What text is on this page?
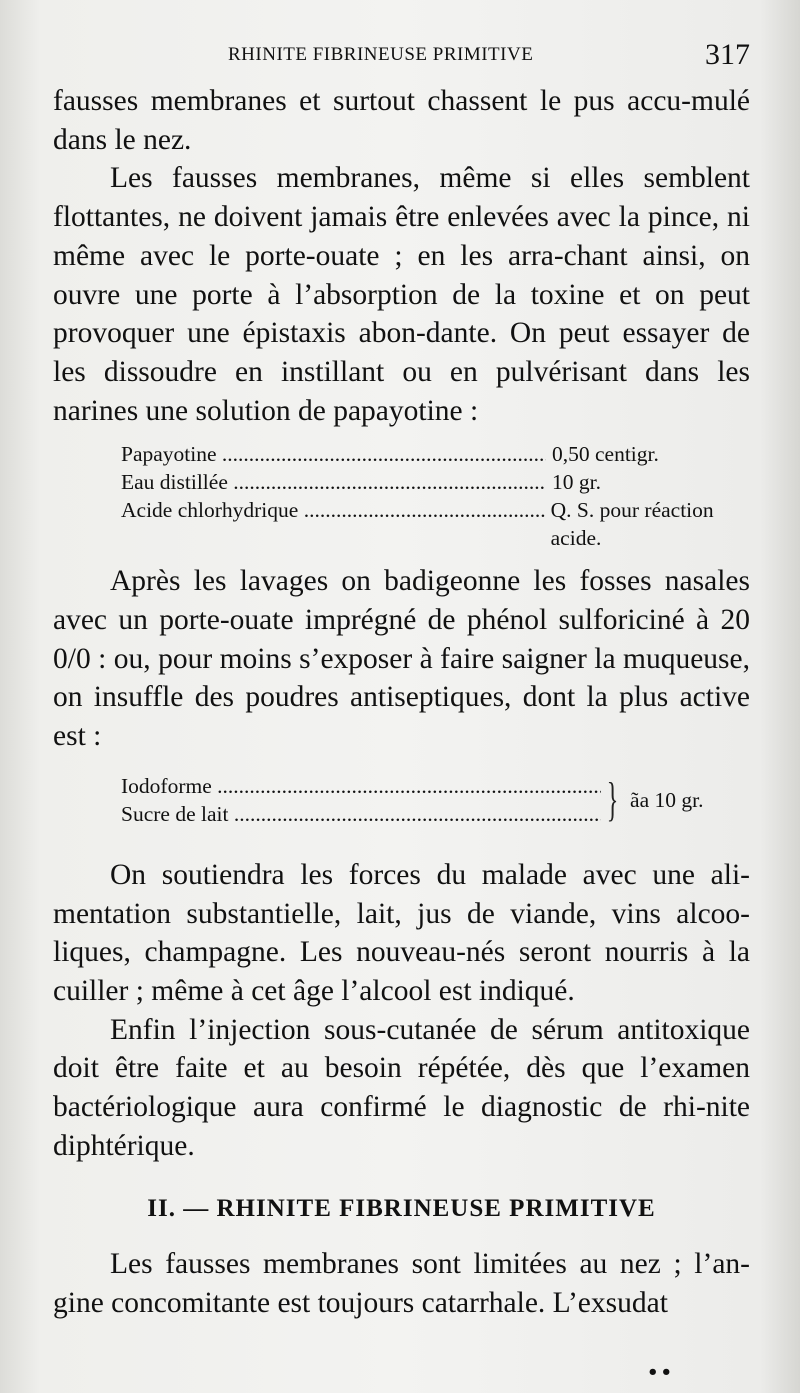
RHINITE FIBRINEUSE PRIMITIVE	317

fausses membranes et surtout chassent le pus accu-mulé dans le nez.

Les fausses membranes, même si elles semblent flottantes, ne doivent jamais être enlevées avec la pince, ni même avec le porte-ouate ; en les arra-chant ainsi, on ouvre une porte à l’absorption de la toxine et on peut provoquer une épistaxis abon-dante. On peut essayer de les dissoudre en instillant ou en pulvérisant dans les narines une solution de papayotine :

Papayotine .....	0,50 centigr.
Eau distillée .....	10 gr.
Acide chlorhydrique .....	Q. S. pour réaction acide.

Après les lavages on badigeonne les fosses nasales avec un porte-ouate imprégné de phénol sulforiciné à 20 0/0 : ou, pour moins s’exposer à faire saigner la muqueuse, on insuffle des poudres antiseptiques, dont la plus active est :

Iodoforme .....
Sucre de lait .....	} ãa 10 gr.

On soutiendra les forces du malade avec une ali-mentation substantielle, lait, jus de viande, vins alcoo-liques, champagne. Les nouveau-nés seront nourris à la cuiller ; même à cet âge l’alcool est indiqué.

Enfin l’injection sous-cutanée de sérum antitoxique doit être faite et au besoin répétée, dès que l’examen bactériologique aura confirmé le diagnostic de rhi-nite diphtérique.

II. — RHINITE FIBRINEUSE PRIMITIVE

Les fausses membranes sont limitées au nez ; l’an-gine concomitante est toujours catarrhale. L’exsudat

••
